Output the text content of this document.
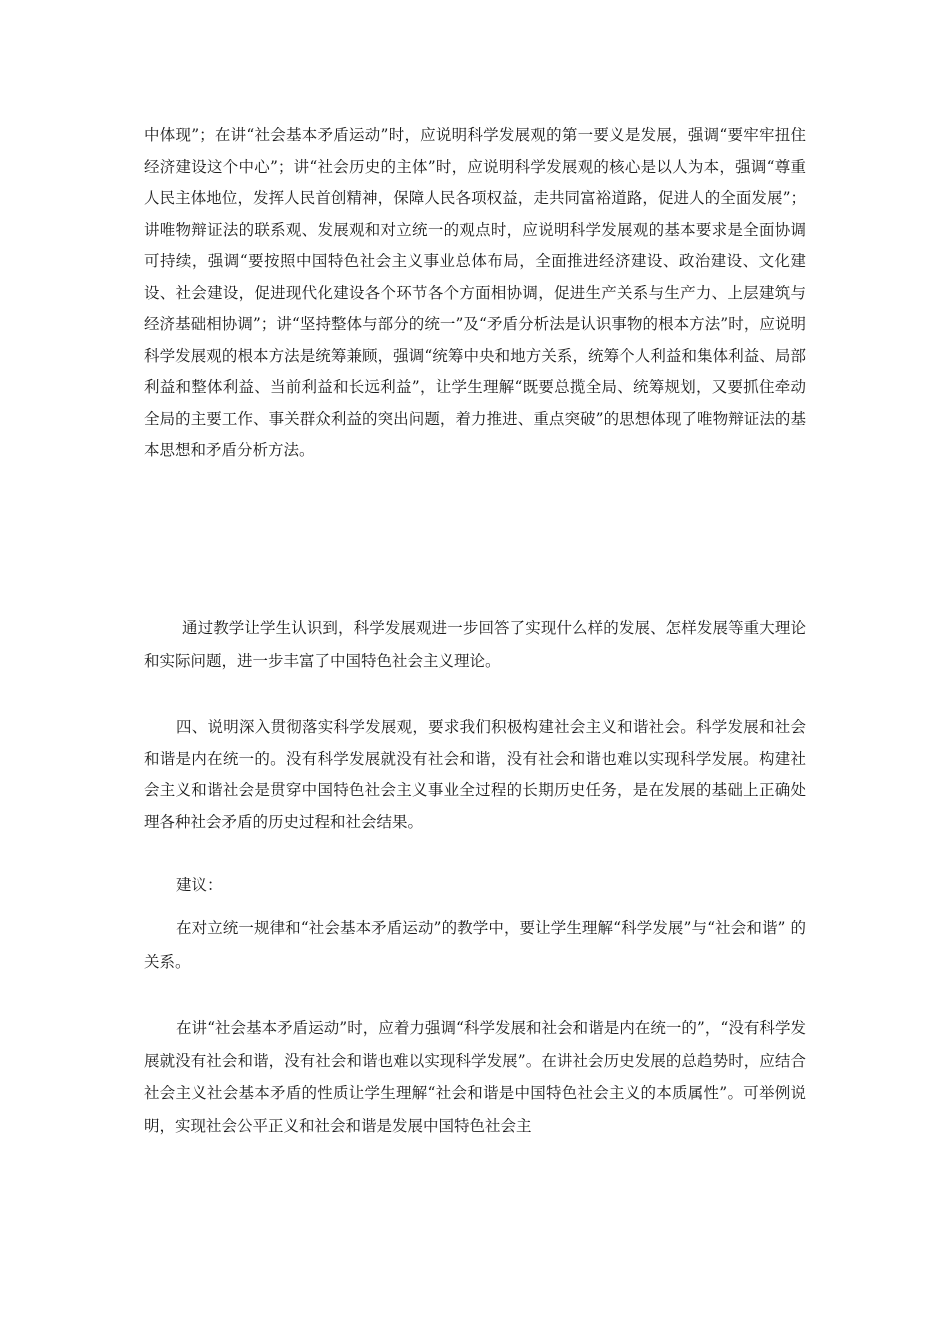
中体现”；在讲“社会基本矛盾运动”时，应说明科学发展观的第一要义是发展，强调“要牢牢扭住经济建设这个中心”；讲“社会历史的主体”时，应说明科学发展观的核心是以人为本，强调“尊重人民主体地位，发挥人民首创精神，保障人民各项权益，走共同富裕道路，促进人的全面发展”；讲唯物辩证法的联系观、发展观和对立统一的观点时，应说明科学发展观的基本要求是全面协调可持续，强调“要按照中国特色社会主义事业总体布局，全面推进经济建设、政治建设、文化建设、社会建设，促进现代化建设各个环节各个方面相协调，促进生产关系与生产力、上层建筑与经济基础相协调”；讲“坚持整体与部分的统一”及“矛盾分析法是认识事物的根本方法”时，应说明科学发展观的根本方法是统筹兼顾，强调“统筹中央和地方关系，统筹个人利益和集体利益、局部利益和整体利益、当前利益和长远利益”，让学生理解“既要总揽全局、统筹规划，又要抓住牵动全局的主要工作、事关群众利益的突出问题，着力推进、重点突破”的思想体现了唯物辩证法的基本思想和矛盾分析方法。

通过教学让学生认识到，科学发展观进一步回答了实现什么样的发展、怎样发展等重大理论和实际问题，进一步丰富了中国特色社会主义理论。

四、说明深入贯彻落实科学发展观，要求我们积极构建社会主义和谐社会。科学发展和社会和谐是内在统一的。没有科学发展就没有社会和谐，没有社会和谐也难以实现科学发展。构建社会主义和谐社会是贯穿中国特色社会主义事业全过程的长期历史任务，是在发展的基础上正确处理各种社会矛盾的历史过程和社会结果。

建议：

在对立统一规律和“社会基本矛盾运动”的教学中，要让学生理解“科学发展”与“社会和谐” 的关系。

在讲“社会基本矛盾运动”时，应着力强调“科学发展和社会和谐是内在统一的”，“没有科学发展就没有社会和谐，没有社会和谐也难以实现科学发展”。在讲社会历史发展的总趋势时，应结合社会主义社会基本矛盾的性质让学生理解“社会和谐是中国特色社会主义的本质属性”。可举例说明，实现社会公平正义和社会和谐是发展中国特色社会主
